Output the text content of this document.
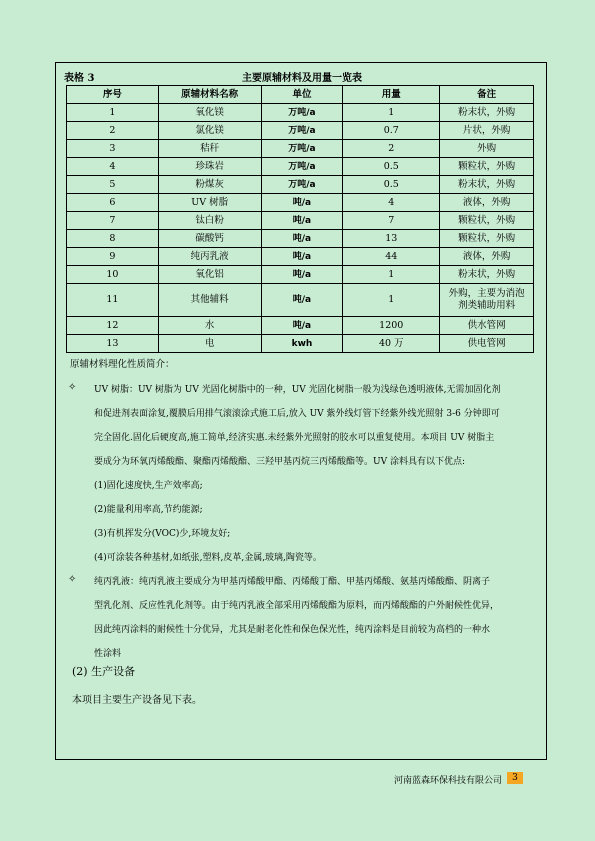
表格 3	主要原辅材料及用量一览表
序号	原辅材料名称	单位	用量	备注
1	氧化镁	万吨/a	1	粉末状，外购
2	氯化镁	万吨/a	0.7	片状，外购
3	秸秆	万吨/a	2	外购
4	珍珠岩	万吨/a	0.5	颗粒状，外购
5	粉煤灰	万吨/a	0.5	粉末状，外购
6	UV 树脂	吨/a	4	液体，外购
7	钛白粉	吨/a	7	颗粒状，外购
8	碳酸钙	吨/a	13	颗粒状，外购
9	纯丙乳液	吨/a	44	液体，外购
10	氧化铝	吨/a	1	粉末状，外购
11	其他辅料	吨/a	1	外购，主要为消泡
剂类辅助用料

12	水	吨/a	1200	供水管网
13	电	kwh	40 万	供电管网
原辅材料理化性质简介：
✧ UV 树脂：UV 树脂为 UV 光固化树脂中的一种，UV 光固化树脂一般为浅绿色透明液体,无需加固化剂
和促进剂表面涂复,覆膜后用排气滚滚涂式施工后,放入 UV 紫外线灯管下经紫外线光照射 3-6 分钟即可
完全固化.固化后硬度高,施工简单,经济实惠.未经紫外光照射的胶水可以重复使用。本项目 UV 树脂主
要成分为环氧丙烯酸酯、聚酯丙烯酸酯、三羟甲基丙烷三丙烯酸酯等。UV 涂料具有以下优点:
(1)固化速度快,生产效率高;
(2)能量利用率高,节约能源;
(3)有机挥发分(VOC)少,环境友好;
(4)可涂装各种基材,如纸张,塑料,皮革,金属,玻璃,陶瓷等。
✧ 纯丙乳液：纯丙乳液主要成分为甲基丙烯酸甲酯、丙烯酸丁酯、甲基丙烯酸、氨基丙烯酸酯、阴离子
型乳化剂、反应性乳化剂等。由于纯丙乳液全部采用丙烯酸酯为原料，而丙烯酸酯的户外耐候性优异，
因此纯丙涂料的耐候性十分优异，尤其是耐老化性和保色保光性，纯丙涂料是目前较为高档的一种水
性涂料
(2) 生产设备
本项目主要生产设备见下表。
河南蓝森环保科技有限公司	3
